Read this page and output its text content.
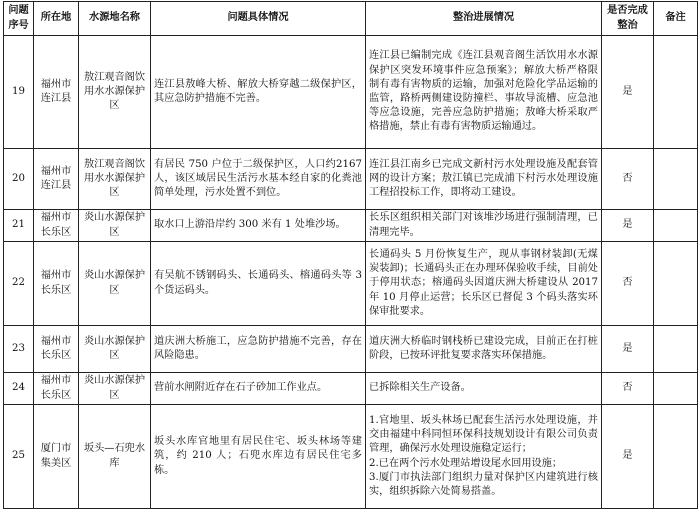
问题序号	所在地	水源地名称	问题具体情况	整治进展情况	是否完成整治	备注
19	福州市连江县	敖江观音阁饮用水水源保护区	连江县敖峰大桥、解放大桥穿越二级保护区，其应急防护措施不完善。	连江县已编制完成《连江县观音阁生活饮用水水源保护区突发环境事件应急预案》；解放大桥严格限制有毒有害物质的运输，加强对危险化学品运输的监管，路桥两侧建设防撞栏、事故导流槽、应急池等应急设施，完善应急防护措施；敖峰大桥采取严格措施，禁止有毒有害物质运输通过。	是	
20	福州市连江县	敖江观音阁饮用水水源保护区	有居民 750 户位于二级保护区，人口约2167人，该区域居民生活污水基本经自家的化粪池简单处理，污水处置不到位。	连江县江南乡已完成文新村污水处理设施及配套管网的设计方案；敖江镇已完成浦下村污水处理设施工程招投标工作，即将动工建设。	否	
21	福州市长乐区	炎山水源保护区	取水口上游沿岸约 300 米有 1 处堆沙场。	长乐区组织相关部门对该堆沙场进行强制清理，已清理完毕。	是	
22	福州市长乐区	炎山水源保护区	有吴航不锈钢码头、长通码头、榕通码头等 3 个货运码头。	长通码头 5 月份恢复生产，现从事钢材装卸(无煤炭装卸)；长通码头正在办理环保验收手续，目前处于停用状态；榕通码头因道庆洲大桥建设从 2017 年 10 月停止运营；长乐区已督促 3 个码头落实环保审批要求。	否	
23	福州市长乐区	炎山水源保护区	道庆洲大桥施工，应急防护措施不完善，存在风险隐患。	道庆洲大桥临时钢栈桥已建设完成，目前正在打桩阶段，已按环评批复要求落实环保措施。	是	
24	福州市长乐区	炎山水源保护区	营前水闸附近存在石子砂加工作业点。	已拆除相关生产设备。	否	
25	厦门市集美区	坂头—石兜水库	坂头水库官地里有居民住宅、坂头林场等建筑，约 210 人；石兜水库边有居民住宅多栋。	1.官地里、坂头林场已配套生活污水处理设施，并交由福建中科同恒环保科技规划设计有限公司负责管理，确保污水处理设施稳定运行；
2.已在两个污水处理站增设尾水回用设施；
3.厦门市执法部门组织力量对保护区内建筑进行核实，组织拆除六处简易搭盖。	是	
